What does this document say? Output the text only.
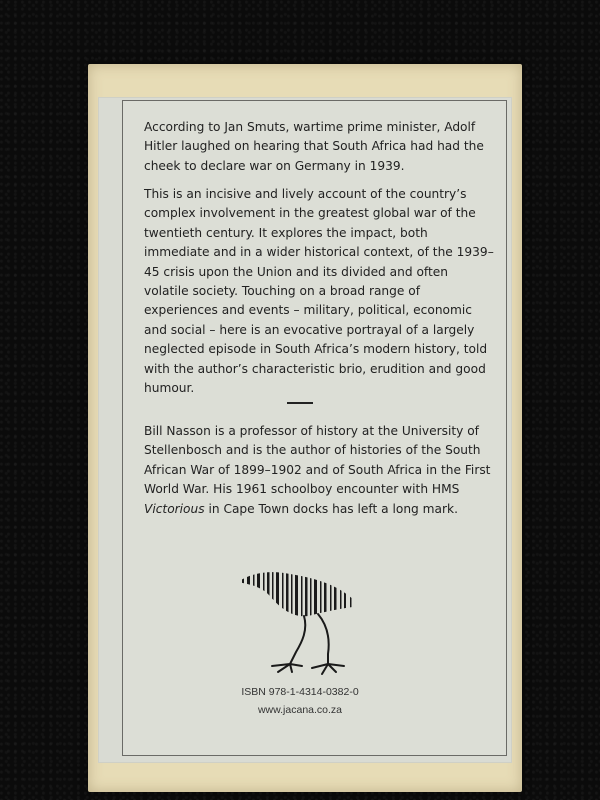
According to Jan Smuts, wartime prime minister, Adolf Hitler laughed on hearing that South Africa had had the cheek to declare war on Germany in 1939.

This is an incisive and lively account of the country’s complex involvement in the greatest global war of the twentieth century. It explores the impact, both immediate and in a wider historical context, of the 1939–45 crisis upon the Union and its divided and often volatile society. Touching on a broad range of experiences and events – military, political, economic and social – here is an evocative portrayal of a largely neglected episode in South Africa’s modern history, told with the author’s characteristic brio, erudition and good humour.

Bill Nasson is a professor of history at the University of Stellenbosch and is the author of histories of the South African War of 1899–1902 and of South Africa in the First World War. His 1961 schoolboy encounter with HMS Victorious in Cape Town docks has left a long mark.

ISBN 978-1-4314-0382-0
www.jacana.co.za
